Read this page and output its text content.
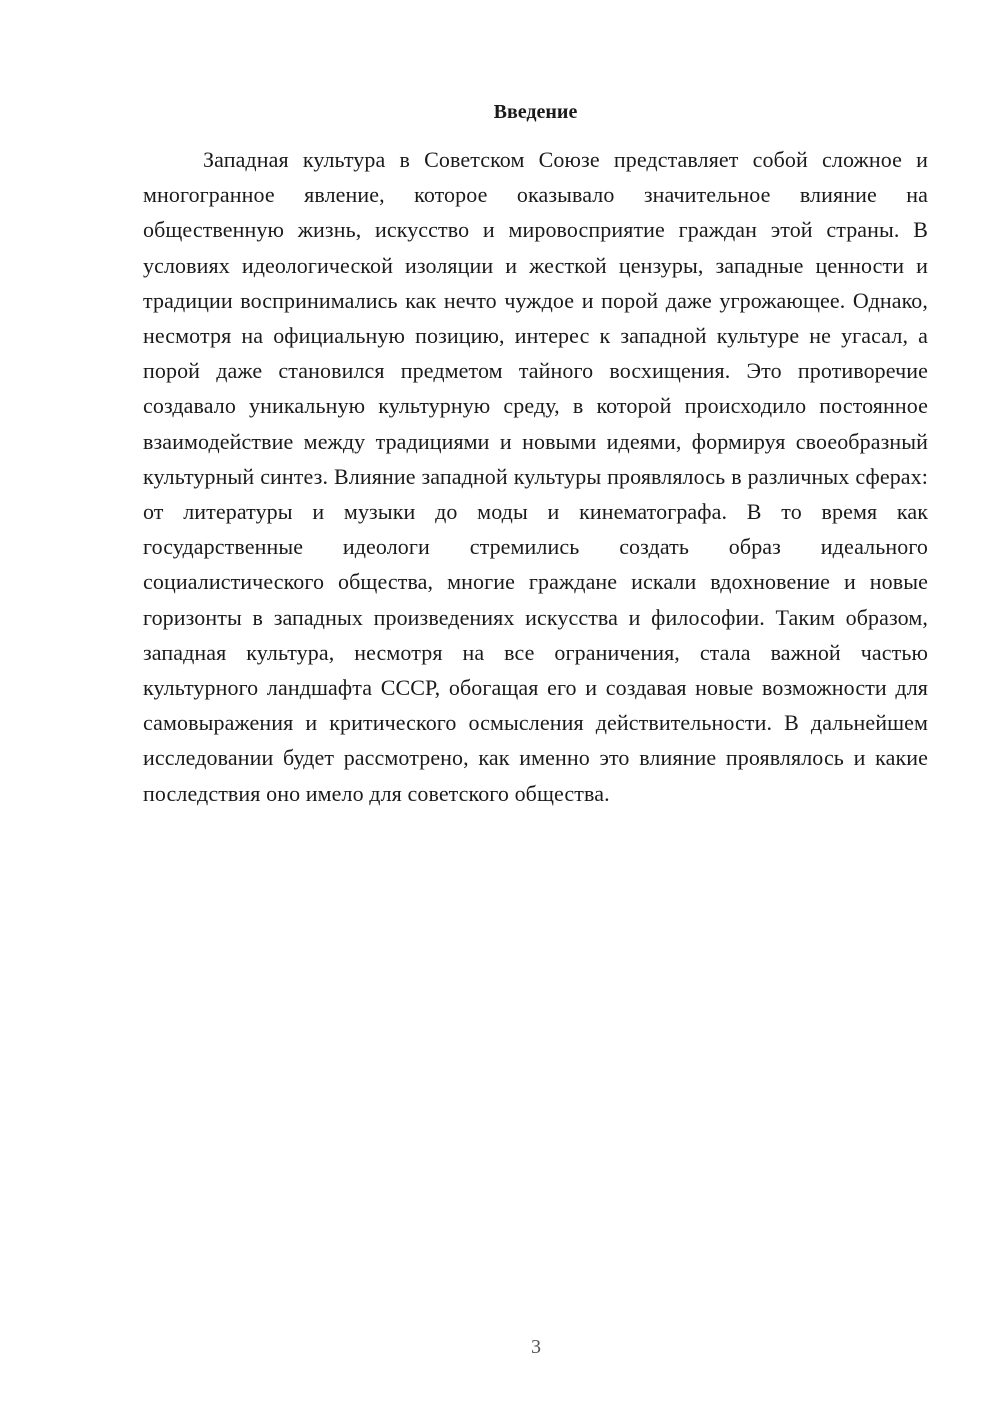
Введение

Западная культура в Советском Союзе представляет собой сложное и многогранное явление, которое оказывало значительное влияние на общественную жизнь, искусство и мировосприятие граждан этой страны. В условиях идеологической изоляции и жесткой цензуры, западные ценности и традиции воспринимались как нечто чуждое и порой даже угрожающее. Однако, несмотря на официальную позицию, интерес к западной культуре не угасал, а порой даже становился предметом тайного восхищения. Это противоречие создавало уникальную культурную среду, в которой происходило постоянное взаимодействие между традициями и новыми идеями, формируя своеобразный культурный синтез. Влияние западной культуры проявлялось в различных сферах: от литературы и музыки до моды и кинематографа. В то время как государственные идеологи стремились создать образ идеального социалистического общества, многие граждане искали вдохновение и новые горизонты в западных произведениях искусства и философии. Таким образом, западная культура, несмотря на все ограничения, стала важной частью культурного ландшафта СССР, обогащая его и создавая новые возможности для самовыражения и критического осмысления действительности. В дальнейшем исследовании будет рассмотрено, как именно это влияние проявлялось и какие последствия оно имело для советского общества.

3
